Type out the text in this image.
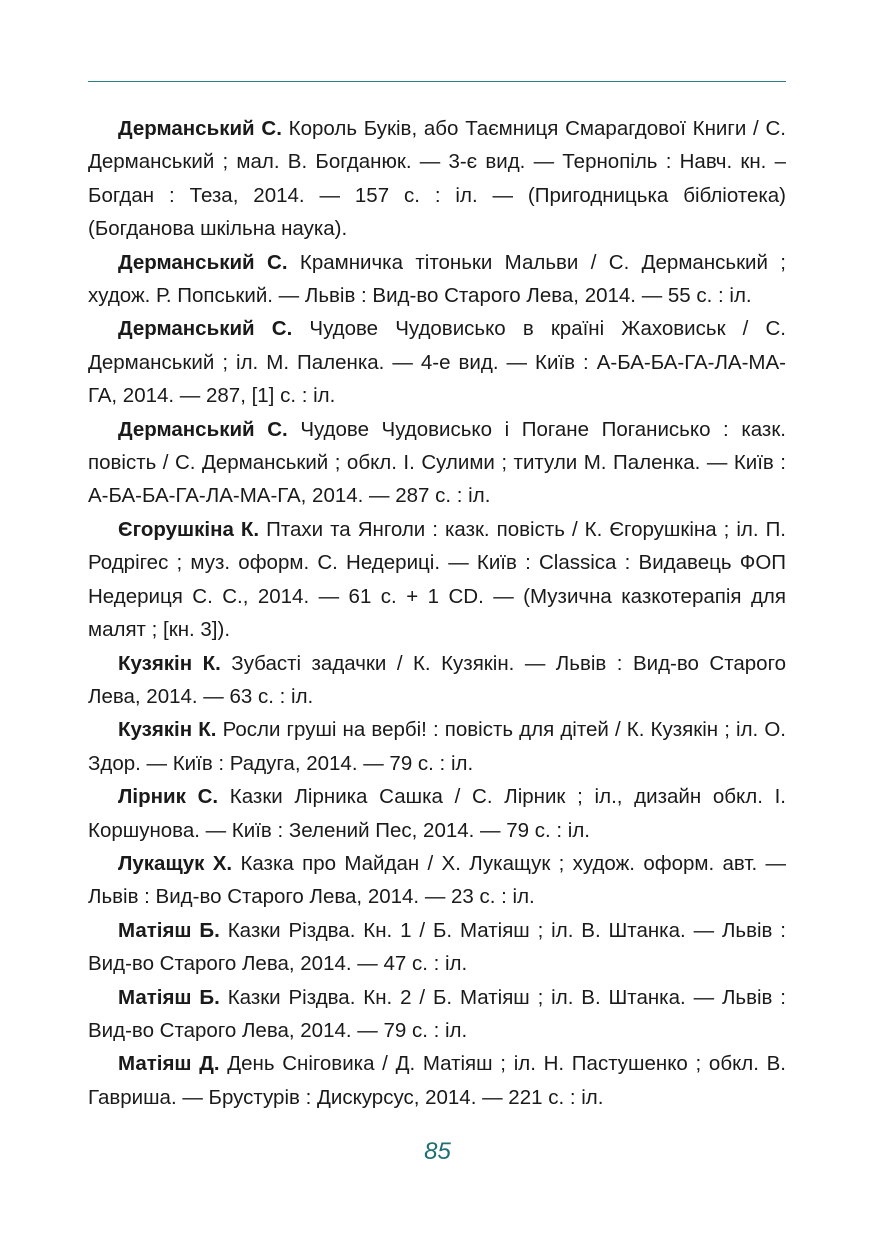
Дерманський С. Король Буків, або Таємниця Смарагдової Книги / С. Дерманський ; мал. В. Богданюк. — 3-є вид. — Тернопіль : Навч. кн. – Богдан : Теза, 2014. — 157 с. : іл. — (Пригодницька бібліотека) (Богданова шкільна наука).

Дерманський С. Крамничка тітоньки Мальви / С. Дерманський ; худож. Р. Попський. — Львів : Вид-во Старого Лева, 2014. — 55 с. : іл.

Дерманський С. Чудове Чудовисько в країні Жаховиськ / С. Дерманський ; іл. М. Паленка. — 4-е вид. — Київ : А-БА-БА-ГА-ЛА-МА-ГА, 2014. — 287, [1] с. : іл.

Дерманський С. Чудове Чудовисько і Погане Поганисько : казк. повість / С. Дерманський ; обкл. І. Сулими ; титули М. Паленка. — Київ : А-БА-БА-ГА-ЛА-МА-ГА, 2014. — 287 с. : іл.

Єгорушкіна К. Птахи та Янголи : казк. повість / К. Єгорушкіна ; іл. П. Родрігес ; муз. оформ. С. Недериці. — Київ : Classica : Видавець ФОП Недериця С. С., 2014. — 61 с. + 1 CD. — (Музична казкотерапія для малят ; [кн. 3]).

Кузякін К. Зубасті задачки / К. Кузякін. — Львів : Вид-во Старого Лева, 2014. — 63 с. : іл.

Кузякін К. Росли груші на вербі! : повість для дітей / К. Кузякін ; іл. О. Здор. — Київ : Радуга, 2014. — 79 с. : іл.

Лірник С. Казки Лірника Сашка / С. Лірник ; іл., дизайн обкл. І. Коршунова. — Київ : Зелений Пес, 2014. — 79 с. : іл.

Лукащук Х. Казка про Майдан / Х. Лукащук ; худож. оформ. авт. — Львів : Вид-во Старого Лева, 2014. — 23 с. : іл.

Матіяш Б. Казки Різдва. Кн. 1 / Б. Матіяш ; іл. В. Штанка. — Львів : Вид-во Старого Лева, 2014. — 47 с. : іл.

Матіяш Б. Казки Різдва. Кн. 2 / Б. Матіяш ; іл. В. Штанка. — Львів : Вид-во Старого Лева, 2014. — 79 с. : іл.

Матіяш Д. День Сніговика / Д. Матіяш ; іл. Н. Пастушенко ; обкл. В. Гавриша. — Брустурів : Дискурсус, 2014. — 221 с. : іл.

85
